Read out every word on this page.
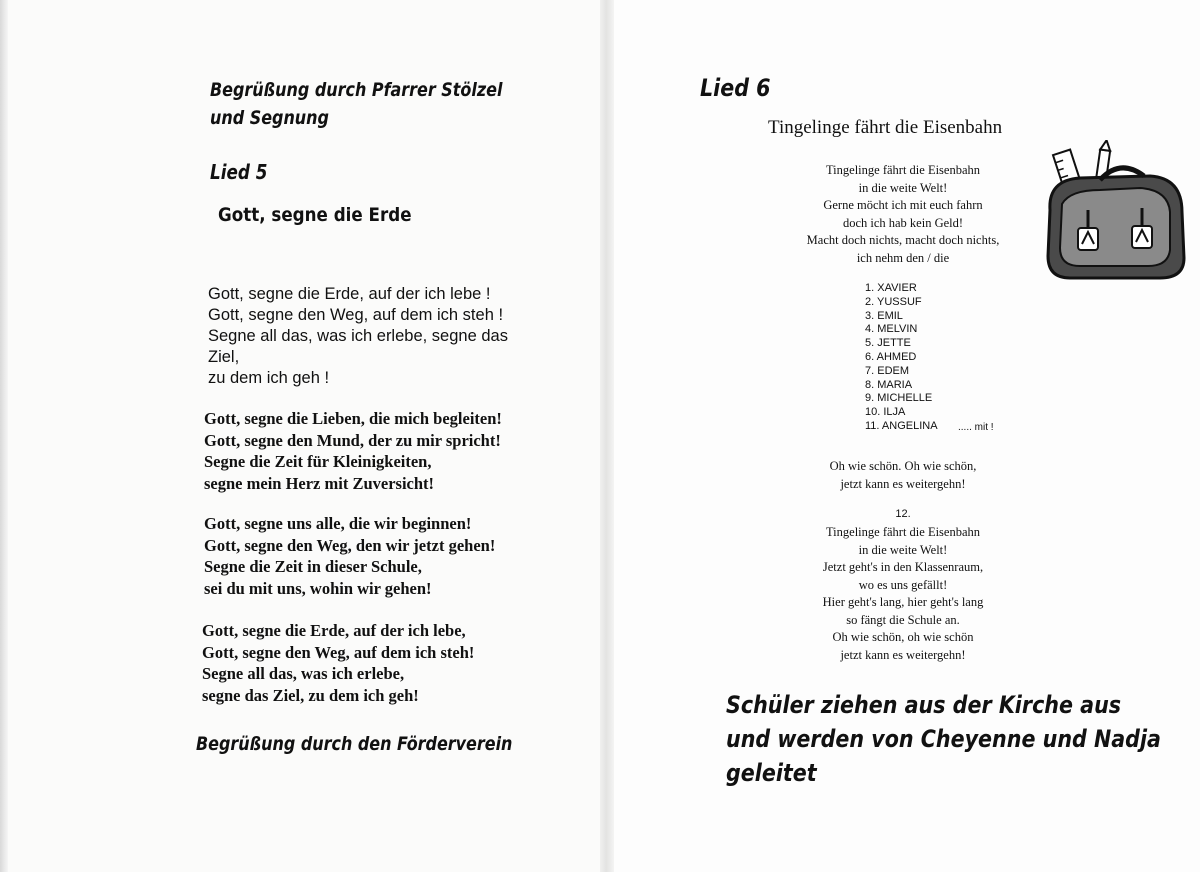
Begrüßung durch Pfarrer Stölzel
und Segnung
Lied 5
Gott, segne die Erde
Gott, segne die Erde, auf der ich lebe !
Gott, segne den Weg, auf dem ich steh !
Segne all das, was ich erlebe, segne das
Ziel,
zu dem ich geh !
Gott, segne die Lieben, die mich begleiten!
Gott, segne den Mund, der zu mir spricht!
Segne die Zeit für Kleinigkeiten,
segne mein Herz mit Zuversicht!
Gott, segne uns alle, die wir beginnen!
Gott, segne den Weg, den wir jetzt gehen!
Segne die Zeit in dieser Schule,
sei du mit uns, wohin wir gehen!
Gott, segne die Erde, auf der ich lebe,
Gott, segne den Weg, auf dem ich steh!
Segne all das, was ich erlebe,
segne das Ziel, zu dem ich geh!
Begrüßung durch den Förderverein
Lied 6
Tingelinge fährt die Eisenbahn
Tingelinge fährt die Eisenbahn
in die weite Welt!
Gerne möcht ich mit euch fahrn
doch ich hab kein Geld!
Macht doch nichts, macht doch nichts,
ich nehm den / die
1. XAVIER
2. YUSSUF
3. EMIL
4. MELVIN
5. JETTE
6. AHMED
7. EDEM
8. MARIA
9. MICHELLE
10. ILJA
11. ANGELINA ..... mit !
Oh wie schön. Oh wie schön,
jetzt kann es weitergehn!
12.
Tingelinge fährt die Eisenbahn
in die weite Welt!
Jetzt geht's in den Klassenraum,
wo es uns gefällt!
Hier geht's lang, hier geht's lang
so fängt die Schule an.
Oh wie schön, oh wie schön
jetzt kann es weitergehn!
Schüler ziehen aus der Kirche aus
und werden von Cheyenne und Nadja
geleitet
